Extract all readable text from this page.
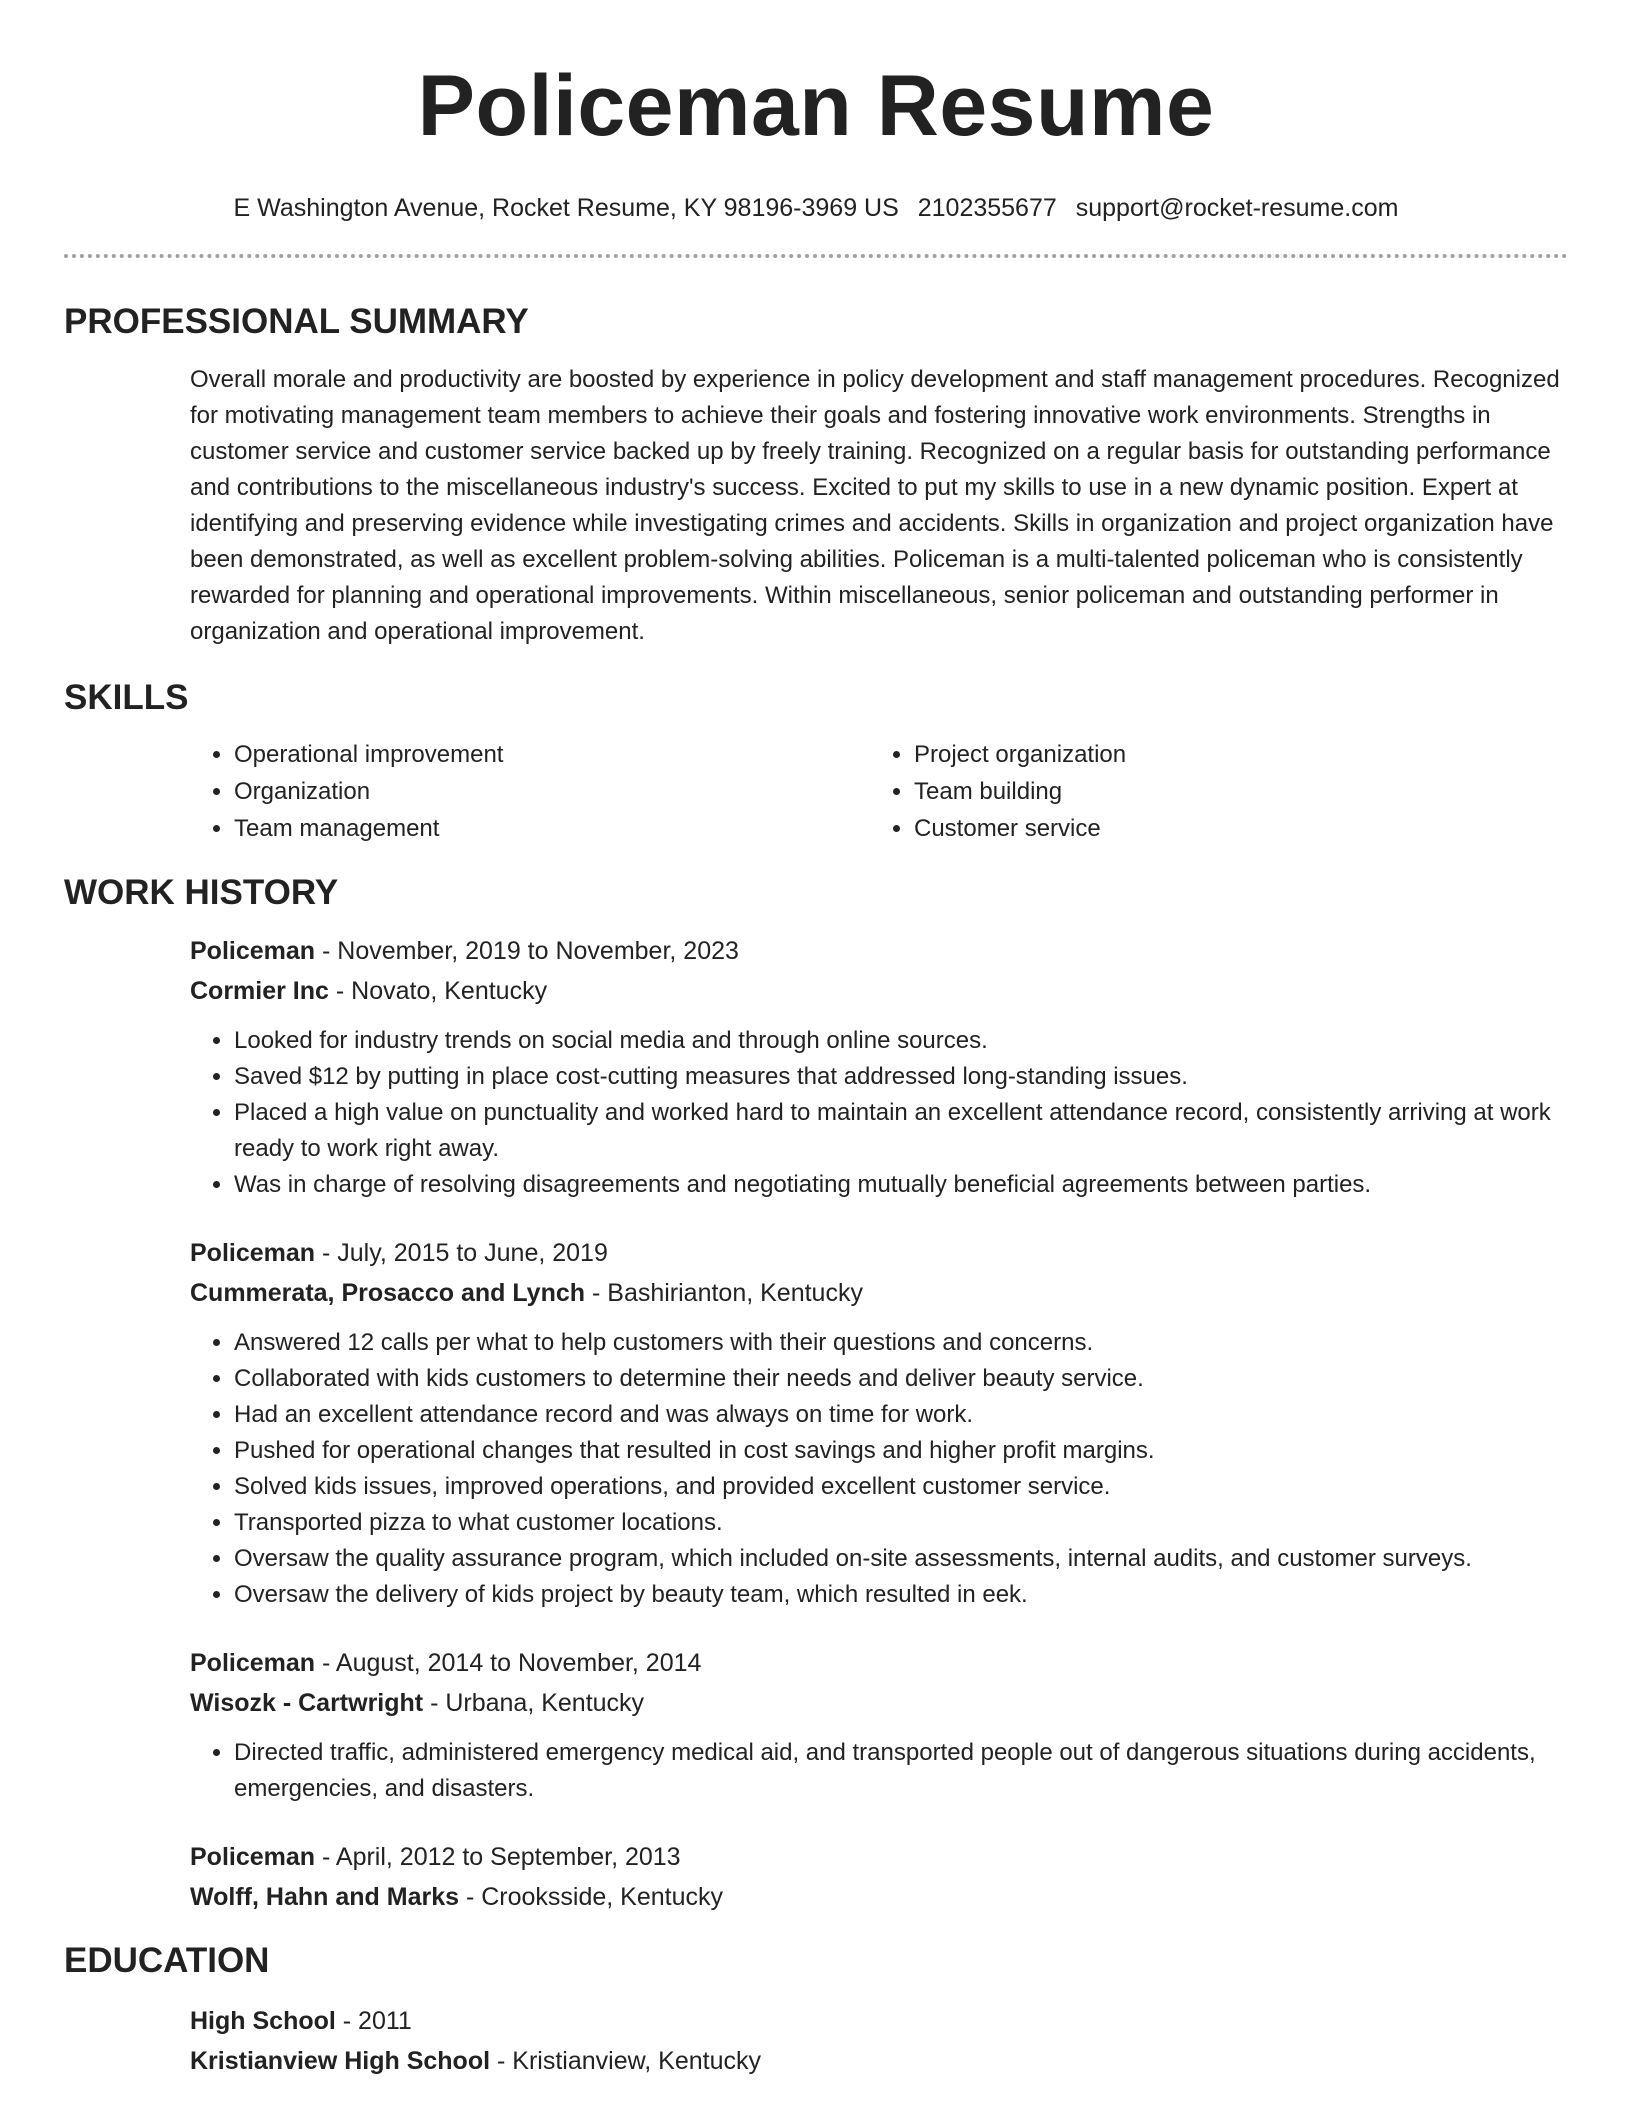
Policeman Resume
E Washington Avenue, Rocket Resume, KY 98196-3969 US 2102355677 support@rocket-resume.com
PROFESSIONAL SUMMARY
Overall morale and productivity are boosted by experience in policy development and staff management procedures. Recognized for motivating management team members to achieve their goals and fostering innovative work environments. Strengths in customer service and customer service backed up by freely training. Recognized on a regular basis for outstanding performance and contributions to the miscellaneous industry's success. Excited to put my skills to use in a new dynamic position. Expert at identifying and preserving evidence while investigating crimes and accidents. Skills in organization and project organization have been demonstrated, as well as excellent problem-solving abilities. Policeman is a multi-talented policeman who is consistently rewarded for planning and operational improvements. Within miscellaneous, senior policeman and outstanding performer in organization and operational improvement.
SKILLS
• Operational improvement	• Project organization
• Organization	• Team building
• Team management	• Customer service
WORK HISTORY
Policeman - November, 2019 to November, 2023
Cormier Inc - Novato, Kentucky
• Looked for industry trends on social media and through online sources.
• Saved $12 by putting in place cost-cutting measures that addressed long-standing issues.
• Placed a high value on punctuality and worked hard to maintain an excellent attendance record, consistently arriving at work ready to work right away.
• Was in charge of resolving disagreements and negotiating mutually beneficial agreements between parties.
Policeman - July, 2015 to June, 2019
Cummerata, Prosacco and Lynch - Bashirianton, Kentucky
• Answered 12 calls per what to help customers with their questions and concerns.
• Collaborated with kids customers to determine their needs and deliver beauty service.
• Had an excellent attendance record and was always on time for work.
• Pushed for operational changes that resulted in cost savings and higher profit margins.
• Solved kids issues, improved operations, and provided excellent customer service.
• Transported pizza to what customer locations.
• Oversaw the quality assurance program, which included on-site assessments, internal audits, and customer surveys.
• Oversaw the delivery of kids project by beauty team, which resulted in eek.
Policeman - August, 2014 to November, 2014
Wisozk - Cartwright - Urbana, Kentucky
• Directed traffic, administered emergency medical aid, and transported people out of dangerous situations during accidents, emergencies, and disasters.
Policeman - April, 2012 to September, 2013
Wolff, Hahn and Marks - Crooksside, Kentucky
EDUCATION
High School - 2011
Kristianview High School - Kristianview, Kentucky
